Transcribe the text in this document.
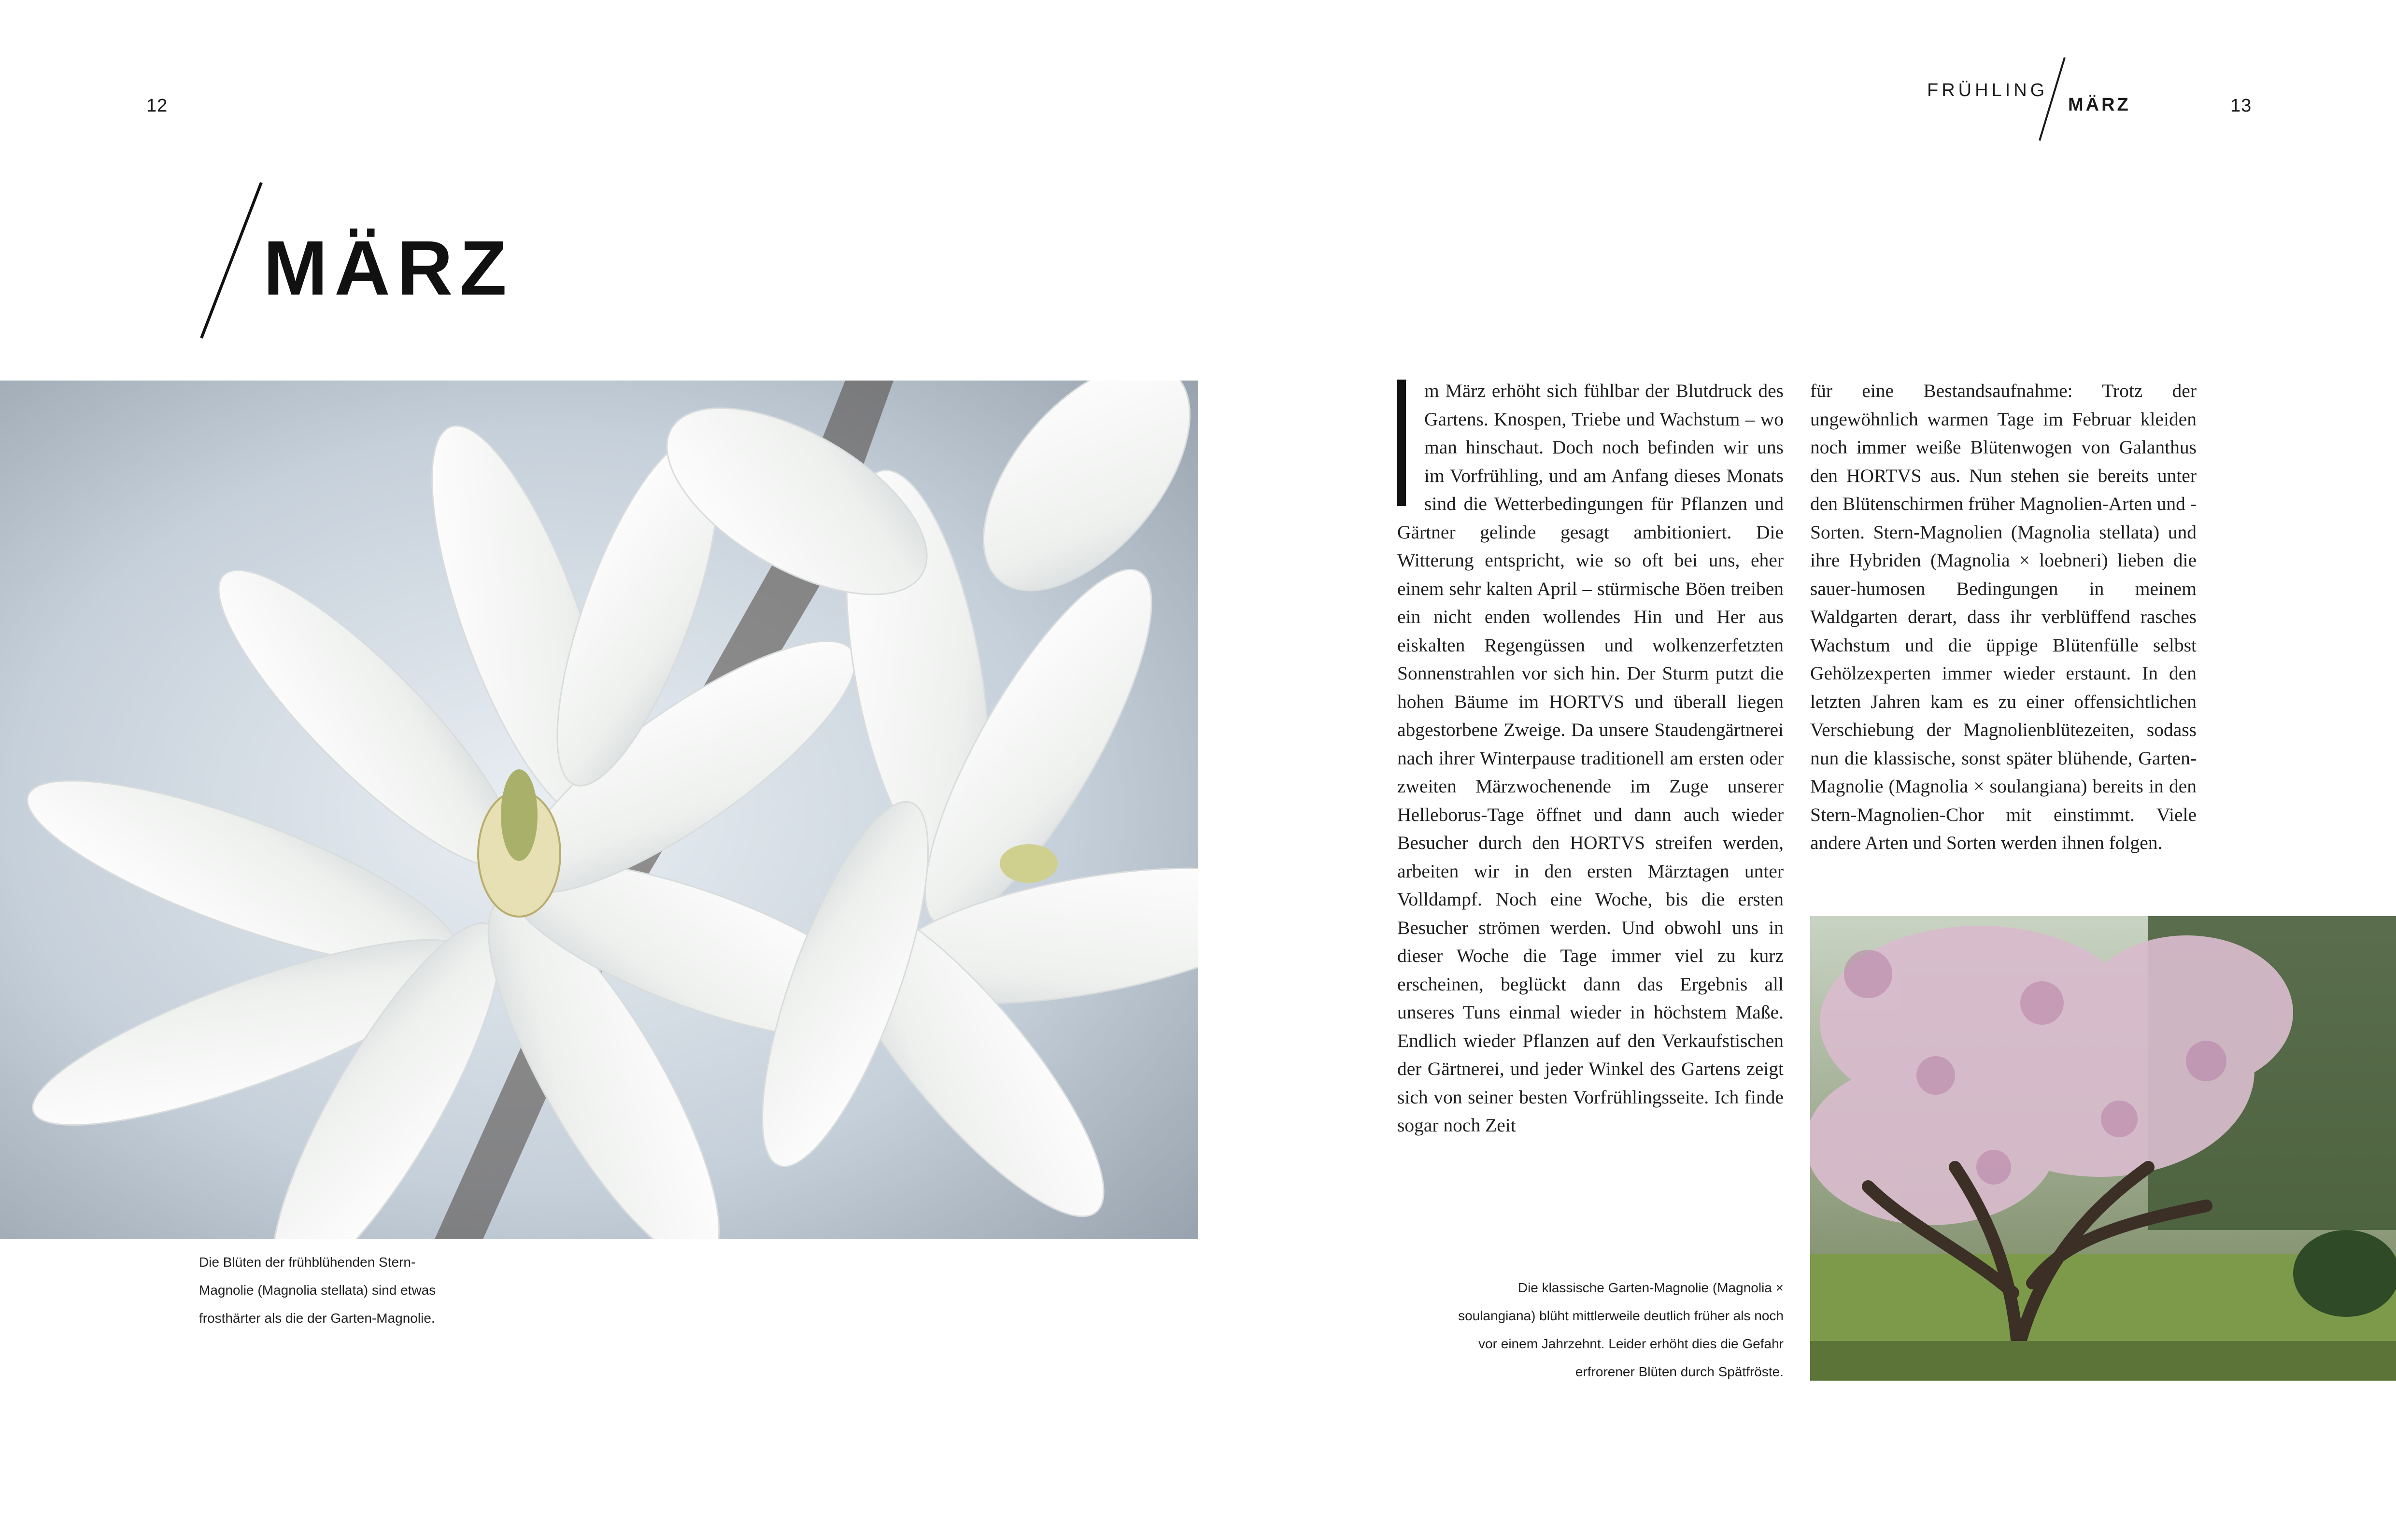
12	13
FRÜHLING
MÄRZ
MÄRZ
Die Blüten der frühblühenden Stern-Magnolie (Magnolia stellata) sind etwas frosthärter als die der Garten-Magnolie.
m März erhöht sich fühlbar der Blutdruck des Gartens. Knospen, Triebe und Wachstum – wo man hinschaut. Doch noch befinden wir uns im Vorfrühling, und am Anfang dieses Monats sind die Wetterbedingungen für Pflanzen und Gärtner gelinde gesagt ambitioniert. Die Witterung entspricht, wie so oft bei uns, eher einem sehr kalten April – stürmische Böen treiben ein nicht enden wollendes Hin und Her aus eiskalten Regengüssen und wolkenzerfetzten Sonnenstrahlen vor sich hin. Der Sturm putzt die hohen Bäume im HORTVS und überall liegen abgestorbene Zweige. Da unsere Staudengärtnerei nach ihrer Winterpause traditionell am ersten oder zweiten Märzwochenende im Zuge unserer Helleborus-Tage öffnet und dann auch wieder Besucher durch den HORTVS streifen werden, arbeiten wir in den ersten Märztagen unter Volldampf. Noch eine Woche, bis die ersten Besucher strömen werden. Und obwohl uns in dieser Woche die Tage immer viel zu kurz erscheinen, beglückt dann das Ergebnis all unseres Tuns einmal wieder in höchstem Maße. Endlich wieder Pflanzen auf den Verkaufstischen der Gärtnerei, und jeder Winkel des Gartens zeigt sich von seiner besten Vorfrühlingsseite. Ich finde sogar noch Zeit
für eine Bestandsaufnahme: Trotz der ungewöhnlich warmen Tage im Februar kleiden noch immer weiße Blütenwogen von Galanthus den HORTVS aus. Nun stehen sie bereits unter den Blütenschirmen früher Magnolien-Arten und -Sorten. Stern-Magnolien (Magnolia stellata) und ihre Hybriden (Magnolia × loebneri) lieben die sauer-humosen Bedingungen in meinem Waldgarten derart, dass ihr verblüffend rasches Wachstum und die üppige Blütenfülle selbst Gehölzexperten immer wieder erstaunt. In den letzten Jahren kam es zu einer offensichtlichen Verschiebung der Magnolienblütezeiten, sodass nun die klassische, sonst später blühende, Garten-Magnolie (Magnolia × soulangiana) bereits in den Stern-Magnolien-Chor mit einstimmt. Viele andere Arten und Sorten werden ihnen folgen.
Die klassische Garten-Magnolie (Magnolia × soulangiana) blüht mittlerweile deutlich früher als noch vor einem Jahrzehnt. Leider erhöht dies die Gefahr erfrorener Blüten durch Spätfröste.
